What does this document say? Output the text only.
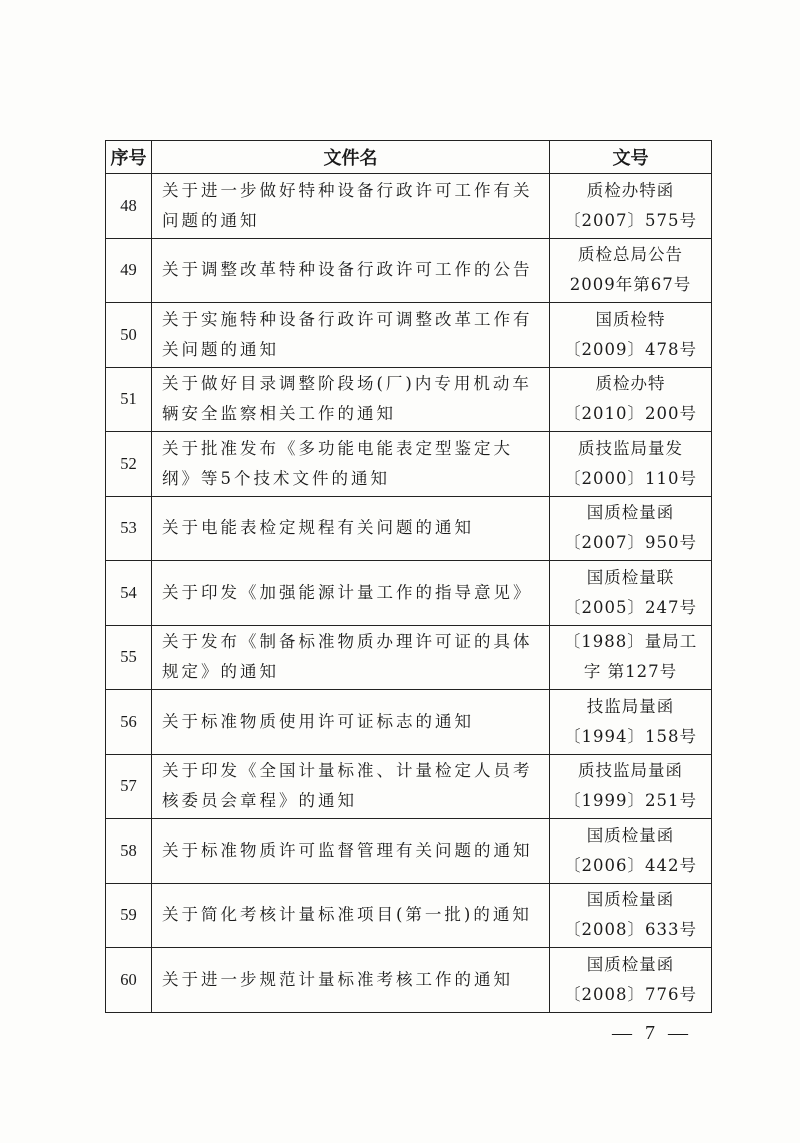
序号	文件名	文号
48	关于进一步做好特种设备行政许可工作有关问题的通知	质检办特函
〔2007〕575号

49	关于调整改革特种设备行政许可工作的公告	质检总局公告
2009年第67号

50	关于实施特种设备行政许可调整改革工作有关问题的通知	国质检特
〔2009〕478号

51	关于做好目录调整阶段场(厂)内专用机动车辆安全监察相关工作的通知	质检办特
〔2010〕200号

52	关于批准发布《多功能电能表定型鉴定大纲》等5个技术文件的通知	质技监局量发
〔2000〕110号

53	关于电能表检定规程有关问题的通知	国质检量函
〔2007〕950号

54	关于印发《加强能源计量工作的指导意见》	国质检量联
〔2005〕247号

55	关于发布《制备标准物质办理许可证的具体规定》的通知	〔1988〕量局工
字 第127号

56	关于标准物质使用许可证标志的通知	技监局量函
〔1994〕158号

57	关于印发《全国计量标准、计量检定人员考核委员会章程》的通知	质技监局量函
〔1999〕251号

58	关于标准物质许可监督管理有关问题的通知	国质检量函
〔2006〕442号

59	关于简化考核计量标准项目(第一批)的通知	国质检量函
〔2008〕633号

60	关于进一步规范计量标准考核工作的通知	国质检量函
〔2008〕776号
— 7 —
